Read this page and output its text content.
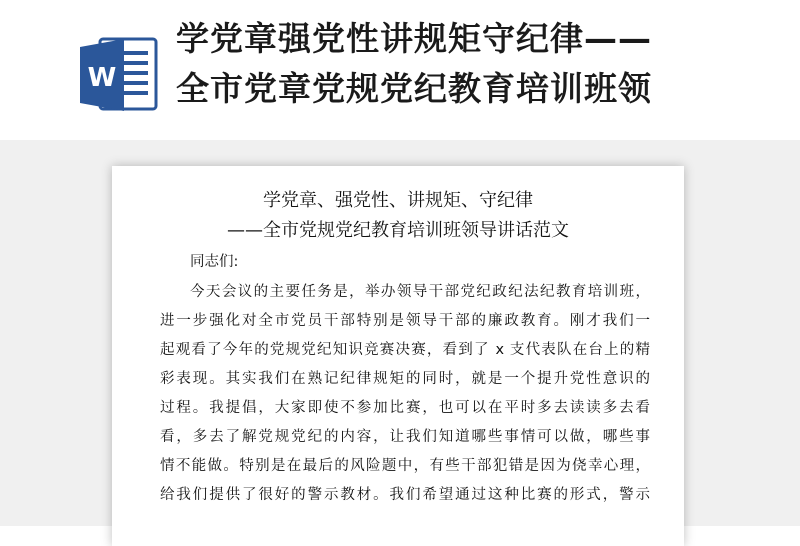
W
学党章强党性讲规矩守纪律——
全市党章党规党纪教育培训班领
学党章、强党性、讲规矩、守纪律
——全市党规党纪教育培训班领导讲话范文
同志们:
今天会议的主要任务是，举办领导干部党纪政纪法纪教育培训班，
进一步强化对全市党员干部特别是领导干部的廉政教育。刚才我们一
起观看了今年的党规党纪知识竞赛决赛，看到了 x 支代表队在台上的精
彩表现。其实我们在熟记纪律规矩的同时，就是一个提升党性意识的
过程。我提倡，大家即使不参加比赛，也可以在平时多去读读多去看
看，多去了解党规党纪的内容，让我们知道哪些事情可以做，哪些事
情不能做。特别是在最后的风险题中，有些干部犯错是因为侥幸心理，
给我们提供了很好的警示教材。我们希望通过这种比赛的形式，警示
